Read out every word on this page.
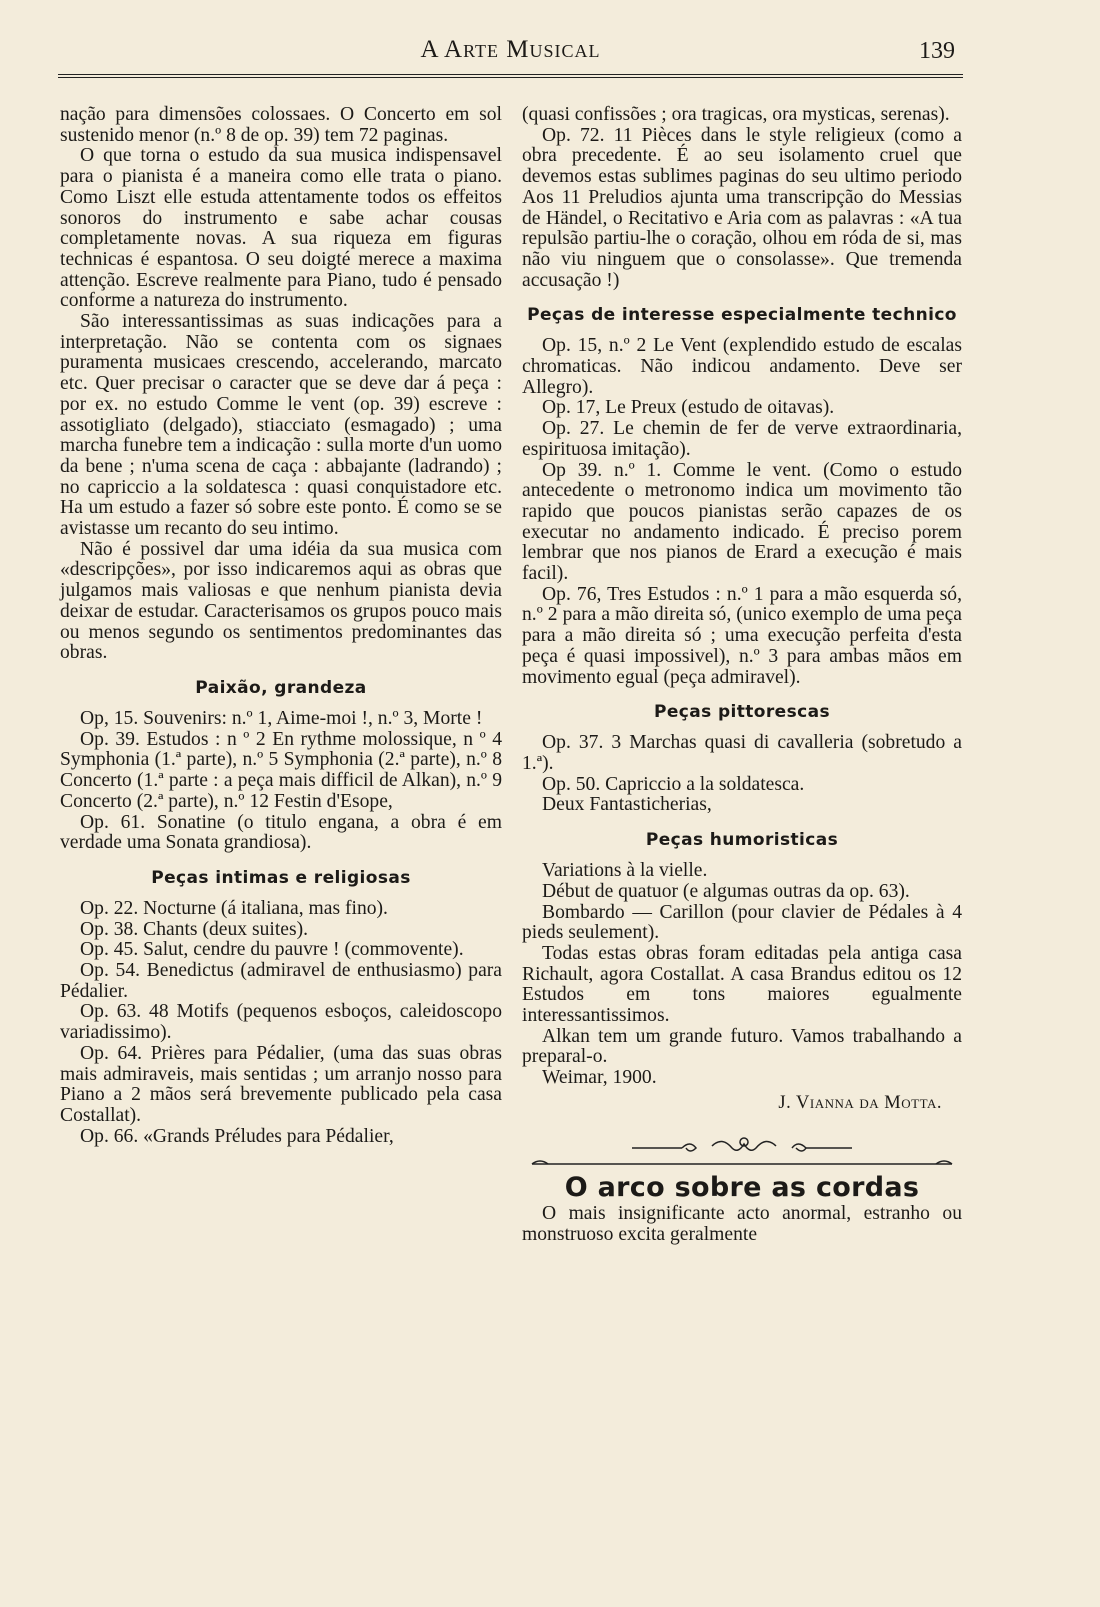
A Arte Musical	139

nação para dimensões colossaes. O Concerto em sol sustenido menor (n.º 8 de op. 39) tem 72 paginas.

O que torna o estudo da sua musica indispensavel para o pianista é a maneira como elle trata o piano. Como Liszt elle estuda attentamente todos os effeitos sonoros do instrumento e sabe achar cousas completamente novas. A sua riqueza em figuras technicas é espantosa. O seu doigté merece a maxima attenção. Escreve realmente para Piano, tudo é pensado conforme a natureza do instrumento.

São interessantissimas as suas indicações para a interpretação. Não se contenta com os signaes puramenta musicaes crescendo, accelerando, marcato etc. Quer precisar o caracter que se deve dar á peça : por ex. no estudo Comme le vent (op. 39) escreve : assotigliato (delgado), stiacciato (esmagado) ; uma marcha funebre tem a indicação : sulla morte d'un uomo da bene ; n'uma scena de caça : abbajante (ladrando) ; no capriccio a la soldatesca : quasi conquistadore etc. Ha um estudo a fazer só sobre este ponto. É como se se avistasse um recanto do seu intimo.

Não é possivel dar uma idéia da sua musica com «descripções», por isso indicaremos aqui as obras que julgamos mais valiosas e que nenhum pianista devia deixar de estudar. Caracterisamos os grupos pouco mais ou menos segundo os sentimentos predominantes das obras.

Paixão, grandeza

Op, 15. Souvenirs: n.º 1, Aime-moi !, n.º 3, Morte !

Op. 39. Estudos : n º 2 En rythme molossique, n º 4 Symphonia (1.ª parte), n.º 5 Symphonia (2.ª parte), n.º 8 Concerto (1.ª parte : a peça mais difficil de Alkan), n.º 9 Concerto (2.ª parte), n.º 12 Festin d'Esope,

Op. 61. Sonatine (o titulo engana, a obra é em verdade uma Sonata grandiosa).

Peças intimas e religiosas

Op. 22. Nocturne (á italiana, mas fino).

Op. 38. Chants (deux suites).

Op. 45. Salut, cendre du pauvre ! (commovente).

Op. 54. Benedictus (admiravel de enthusiasmo) para Pédalier.

Op. 63. 48 Motifs (pequenos esboços, caleidoscopo variadissimo).

Op. 64. Prières para Pédalier, (uma das suas obras mais admiraveis, mais sentidas ; um arranjo nosso para Piano a 2 mãos será brevemente publicado pela casa Costallat).

Op. 66. «Grands Préludes para Pédalier,

(quasi confissões ; ora tragicas, ora mysticas, serenas).

Op. 72. 11 Pièces dans le style religieux (como a obra precedente. É ao seu isolamento cruel que devemos estas sublimes paginas do seu ultimo periodo Aos 11 Preludios ajunta uma transcripção do Messias de Händel, o Recitativo e Aria com as palavras : «A tua repulsão partiu-lhe o coração, olhou em róda de si, mas não viu ninguem que o consolasse». Que tremenda accusação !)

Peças de interesse especialmente technico

Op. 15, n.º 2 Le Vent (explendido estudo de escalas chromaticas. Não indicou andamento. Deve ser Allegro).

Op. 17, Le Preux (estudo de oitavas).

Op. 27. Le chemin de fer de verve extraordinaria, espirituosa imitação).

Op 39. n.º 1. Comme le vent. (Como o estudo antecedente o metronomo indica um movimento tão rapido que poucos pianistas serão capazes de os executar no andamento indicado. É preciso porem lembrar que nos pianos de Erard a execução é mais facil).

Op. 76, Tres Estudos : n.º 1 para a mão esquerda só, n.º 2 para a mão direita só, (unico exemplo de uma peça para a mão direita só ; uma execução perfeita d'esta peça é quasi impossivel), n.º 3 para ambas mãos em movimento egual (peça admiravel).

Peças pittorescas

Op. 37. 3 Marchas quasi di cavalleria (sobretudo a 1.ª).

Op. 50. Capriccio a la soldatesca.

Deux Fantasticherias,

Peças humoristicas

Variations à la vielle.

Début de quatuor (e algumas outras da op. 63).

Bombardo — Carillon (pour clavier de Pédales à 4 pieds seulement).

Todas estas obras foram editadas pela antiga casa Richault, agora Costallat. A casa Brandus editou os 12 Estudos em tons maiores egualmente interessantissimos.

Alkan tem um grande futuro. Vamos trabalhando a preparal-o.

Weimar, 1900.

J. Vianna da Motta.
O arco sobre as cordas

O mais insignificante acto anormal, estranho ou monstruoso excita geralmente
